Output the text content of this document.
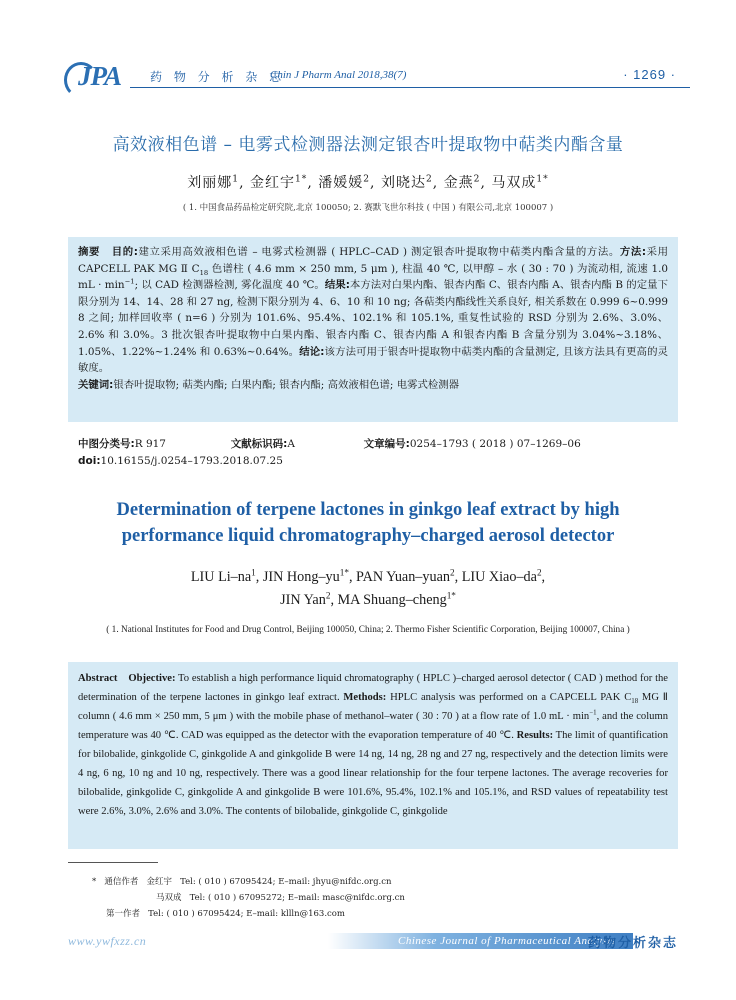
JPA	药 物 分 析 杂 志
Chin J Pharm Anal 2018,38(7)	· 1269 ·
高效液相色谱 – 电雾式检测器法测定银杏叶提取物中萜类内酯含量
刘丽娜$^1$, 金红宇$^{1*}$, 潘媛媛$^2$, 刘晓达$^2$, 金燕$^2$, 马双成$^{1*}$
( 1. 中国食品药品检定研究院,北京 100050; 2. 赛默飞世尔科技 ( 中国 ) 有限公司,北京 100007 )
摘要 目的:建立采用高效液相色谱 – 电雾式检测器 ( HPLC–CAD ) 测定银杏叶提取物中萜类内酯含量的方法。方法:采用 CAPCELL PAK MG Ⅱ $C_{18}$ 色谱柱 ( 4.6 mm × 250 mm, 5 μm ), 柱温 40 ℃, 以甲醇 – 水 ( 30 : 70 ) 为流动相, 流速 1.0 mL · $\min^{-1}$; 以 CAD 检测器检测, 雾化温度 40 ℃。结果:本方法对白果内酯、银杏内酯 C、银杏内酯 A、银杏内酯 B 的定量下限分别为 14、14、28 和 27 ng, 检测下限分别为 4、6、10 和 10 ng; 各萜类内酯线性关系良好, 相关系数在 0.999 6~0.999 8 之间; 加样回收率 ( n=6 ) 分别为 101.6%、95.4%、102.1% 和 105.1%, 重复性试验的 RSD 分别为 2.6%、3.0%、2.6% 和 3.0%。3 批次银杏叶提取物中白果内酯、银杏内酯 C、银杏内酯 A 和银杏内酯 B 含量分别为 3.04%~3.18%、1.05%、1.22%~1.24% 和 0.63%~0.64%。结论:该方法可用于银杏叶提取物中萜类内酯的含量测定, 且该方法具有更高的灵敏度。
关键词:银杏叶提取物; 萜类内酯; 白果内酯; 银杏内酯; 高效液相色谱; 电雾式检测器
中图分类号:R 917	文献标识码:A	文章编号:0254–1793 ( 2018 ) 07–1269–06
doi:10.16155/j.0254–1793.2018.07.25
Determination of terpene lactones in ginkgo leaf extract by high
performance liquid chromatography–charged aerosol detector
LIU $Li-na^1$, JIN Hong–$yu^{1*}$, PAN Yuan–yuan$^2$, LIU Xiao–$da^2$,
JIN Yan$^2$, MA Shuang–cheng$^{1*}$
( 1. National Institutes for Food and Drug Control, Beijing 100050, China; 2. Thermo Fisher Scientific Corporation, Beijing 100007, China )
Abstract Objective: To establish a high performance liquid chromatography ( HPLC )–charged aerosol detector ( CAD ) method for the determination of the terpene lactones in ginkgo leaf extract. Methods: HPLC analysis was performed on a CAPCELL PAK $C_{18}$ MG Ⅱ column ( 4.6 mm × 250 mm, 5 μm ) with the mobile phase of methanol–water ( 30 : 70 ) at a flow rate of 1.0 mL · $\min^{-1}$, and the column temperature was 40 ℃. CAD was equipped as the detector with the evaporation temperature of 40 ℃. Results: The limit of quantification for bilobalide, ginkgolide C, ginkgolide A and ginkgolide B were 14 ng, 14 ng, 28 ng and 27 ng, respectively and the detection limits were 4 ng, 6 ng, 10 ng and 10 ng, respectively. There was a good linear relationship for the four terpene lactones. The average recoveries for bilobalide, ginkgolide C, ginkgolide A and ginkgolide B were 101.6%, 95.4%, 102.1% and 105.1%, and RSD values of repeatability test were 2.6%, 3.0%, 2.6% and 3.0%. The contents of bilobalide, ginkgolide C, ginkgolide
* 通信作者 金红宇 Tel: ( 010 ) 67095424; E–mail: jhyu@nifdc.org.cn
马双成 Tel: ( 010 ) 67095272; E–mail: masc@nifdc.org.cn
第一作者 Tel: ( 010 ) 67095424; E–mail: kllln@163.com
www.ywfxzz.cn	Chinese Journal of Pharmaceutical Analysis
药物分析杂志
